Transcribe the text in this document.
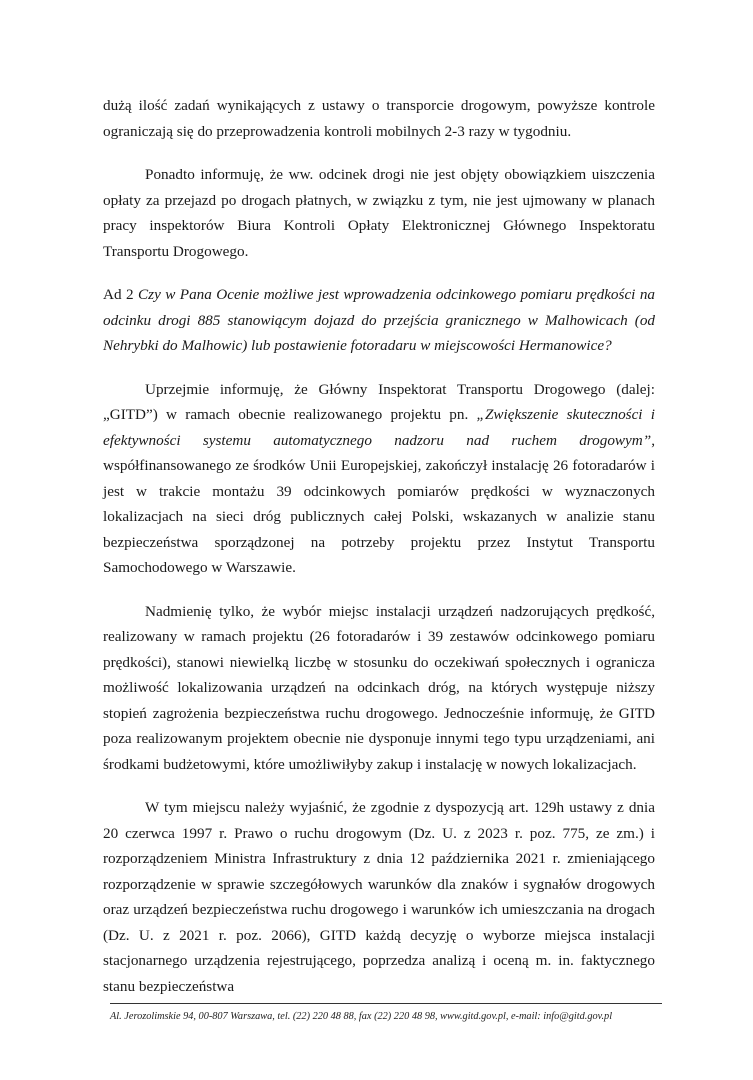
dużą ilość zadań wynikających z ustawy o transporcie drogowym, powyższe kontrole ograniczają się do przeprowadzenia kontroli mobilnych 2-3 razy w tygodniu.

Ponadto informuję, że ww. odcinek drogi nie jest objęty obowiązkiem uiszczenia opłaty za przejazd po drogach płatnych, w związku z tym, nie jest ujmowany w planach pracy inspektorów Biura Kontroli Opłaty Elektronicznej Głównego Inspektoratu Transportu Drogowego.

Ad 2 Czy w Pana Ocenie możliwe jest wprowadzenia odcinkowego pomiaru prędkości na odcinku drogi 885 stanowiącym dojazd do przejścia granicznego w Malhowicach (od Nehrybki do Malhowic) lub postawienie fotoradaru w miejscowości Hermanowice?

Uprzejmie informuję, że Główny Inspektorat Transportu Drogowego (dalej: „GITD”) w ramach obecnie realizowanego projektu pn. „Zwiększenie skuteczności i efektywności systemu automatycznego nadzoru nad ruchem drogowym”, współfinansowanego ze środków Unii Europejskiej, zakończył instalację 26 fotoradarów i jest w trakcie montażu 39 odcinkowych pomiarów prędkości w wyznaczonych lokalizacjach na sieci dróg publicznych całej Polski, wskazanych w analizie stanu bezpieczeństwa sporządzonej na potrzeby projektu przez Instytut Transportu Samochodowego w Warszawie.

Nadmienię tylko, że wybór miejsc instalacji urządzeń nadzorujących prędkość, realizowany w ramach projektu (26 fotoradarów i 39 zestawów odcinkowego pomiaru prędkości), stanowi niewielką liczbę w stosunku do oczekiwań społecznych i ogranicza możliwość lokalizowania urządzeń na odcinkach dróg, na których występuje niższy stopień zagrożenia bezpieczeństwa ruchu drogowego. Jednocześnie informuję, że GITD poza realizowanym projektem obecnie nie dysponuje innymi tego typu urządzeniami, ani środkami budżetowymi, które umożliwiłyby zakup i instalację w nowych lokalizacjach.

W tym miejscu należy wyjaśnić, że zgodnie z dyspozycją art. 129h ustawy z dnia 20 czerwca 1997 r. Prawo o ruchu drogowym (Dz. U. z 2023 r. poz. 775, ze zm.) i rozporządzeniem Ministra Infrastruktury z dnia 12 października 2021 r. zmieniającego rozporządzenie w sprawie szczegółowych warunków dla znaków i sygnałów drogowych oraz urządzeń bezpieczeństwa ruchu drogowego i warunków ich umieszczania na drogach (Dz. U. z 2021 r. poz. 2066), GITD każdą decyzję o wyborze miejsca instalacji stacjonarnego urządzenia rejestrującego, poprzedza analizą i oceną m. in. faktycznego stanu bezpieczeństwa

Al. Jerozolimskie 94, 00-807 Warszawa, tel. (22) 220 48 88, fax (22) 220 48 98, www.gitd.gov.pl, e-mail: info@gitd.gov.pl
